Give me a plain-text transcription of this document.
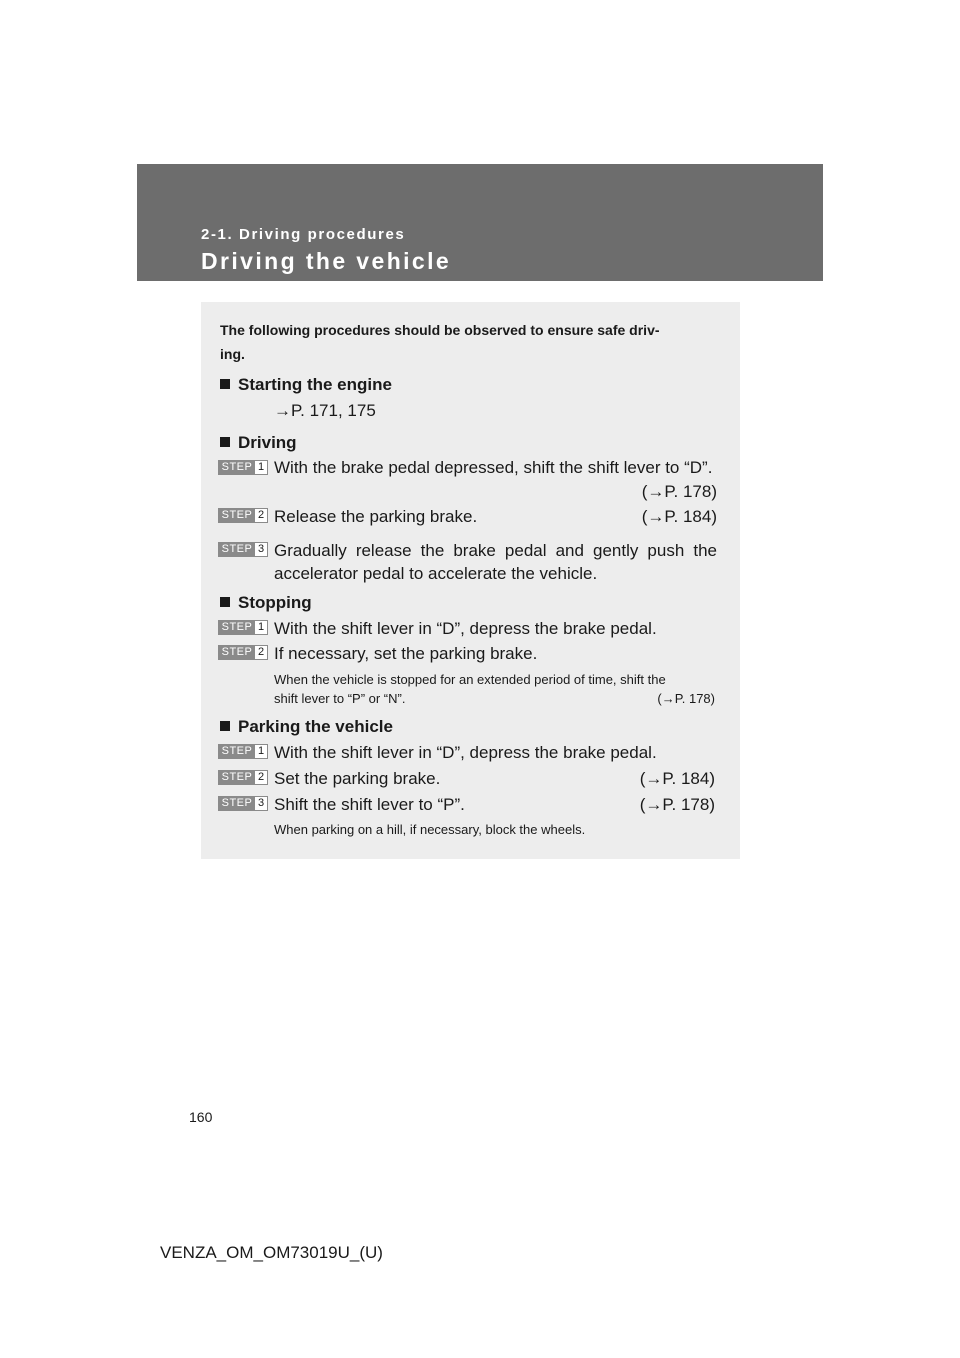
2-1. Driving procedures
Driving the vehicle
The following procedures should be observed to ensure safe driv-
ing.
Starting the engine
→P. 171, 175
Driving
STEP 1 With the brake pedal depressed, shift the shift lever to “D”.
(→P. 178)
STEP 2 Release the parking brake.	(→P. 184)
STEP 3 Gradually release the brake pedal and gently push the
accelerator pedal to accelerate the vehicle.
Stopping
STEP 1 With the shift lever in “D”, depress the brake pedal.
STEP 2 If necessary, set the parking brake.
When the vehicle is stopped for an extended period of time, shift the
shift lever to “P” or “N”.	(→P. 178)
Parking the vehicle
STEP 1 With the shift lever in “D”, depress the brake pedal.
STEP 2 Set the parking brake.	(→P. 184)
STEP 3 Shift the shift lever to “P”.	(→P. 178)
When parking on a hill, if necessary, block the wheels.
160
VENZA_OM_OM73019U_(U)
